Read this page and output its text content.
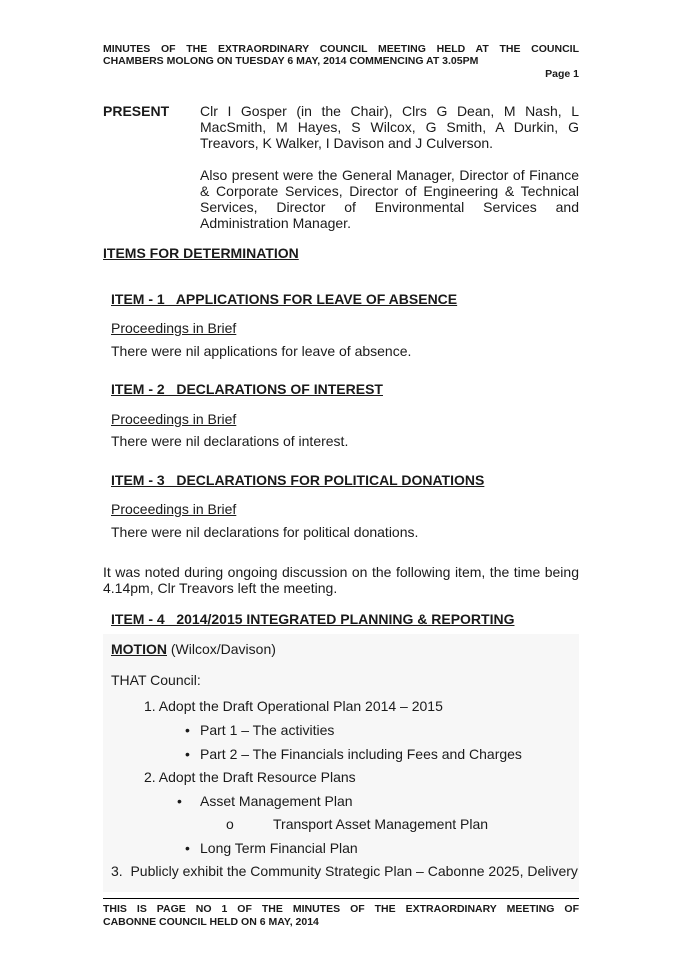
MINUTES OF THE EXTRAORDINARY COUNCIL MEETING HELD AT THE COUNCIL
CHAMBERS MOLONG ON TUESDAY 6 MAY, 2014 COMMENCING AT 3.05PM
Page 1
PRESENT Clr I Gosper (in the Chair), Clrs G Dean, M Nash, L
MacSmith, M Hayes, S Wilcox, G Smith, A Durkin, G
Treavors, K Walker, I Davison and J Culverson.
Also present were the General Manager, Director of Finance
& Corporate Services, Director of Engineering & Technical
Services, Director of Environmental Services and
Administration Manager.
ITEMS FOR DETERMINATION
ITEM - 1   APPLICATIONS FOR LEAVE OF ABSENCE
Proceedings in Brief
There were nil applications for leave of absence.
ITEM - 2   DECLARATIONS OF INTEREST
Proceedings in Brief
There were nil declarations of interest.
ITEM - 3   DECLARATIONS FOR POLITICAL DONATIONS
Proceedings in Brief
There were nil declarations for political donations.
It was noted during ongoing discussion on the following item, the time being
4.14pm, Clr Treavors left the meeting.
ITEM - 4   2014/2015 INTEGRATED PLANNING & REPORTING
MOTION (Wilcox/Davison)
THAT Council:
1. Adopt the Draft Operational Plan 2014 – 2015
• Part 1 – The activities
• Part 2 – The Financials including Fees and Charges
2. Adopt the Draft Resource Plans
• Asset Management Plan
o	Transport Asset Management Plan
• Long Term Financial Plan
3.  Publicly exhibit the Community Strategic Plan – Cabonne 2025, Delivery
THIS IS PAGE NO 1 OF THE MINUTES OF THE EXTRAORDINARY MEETING OF
CABONNE COUNCIL HELD ON 6 MAY, 2014
